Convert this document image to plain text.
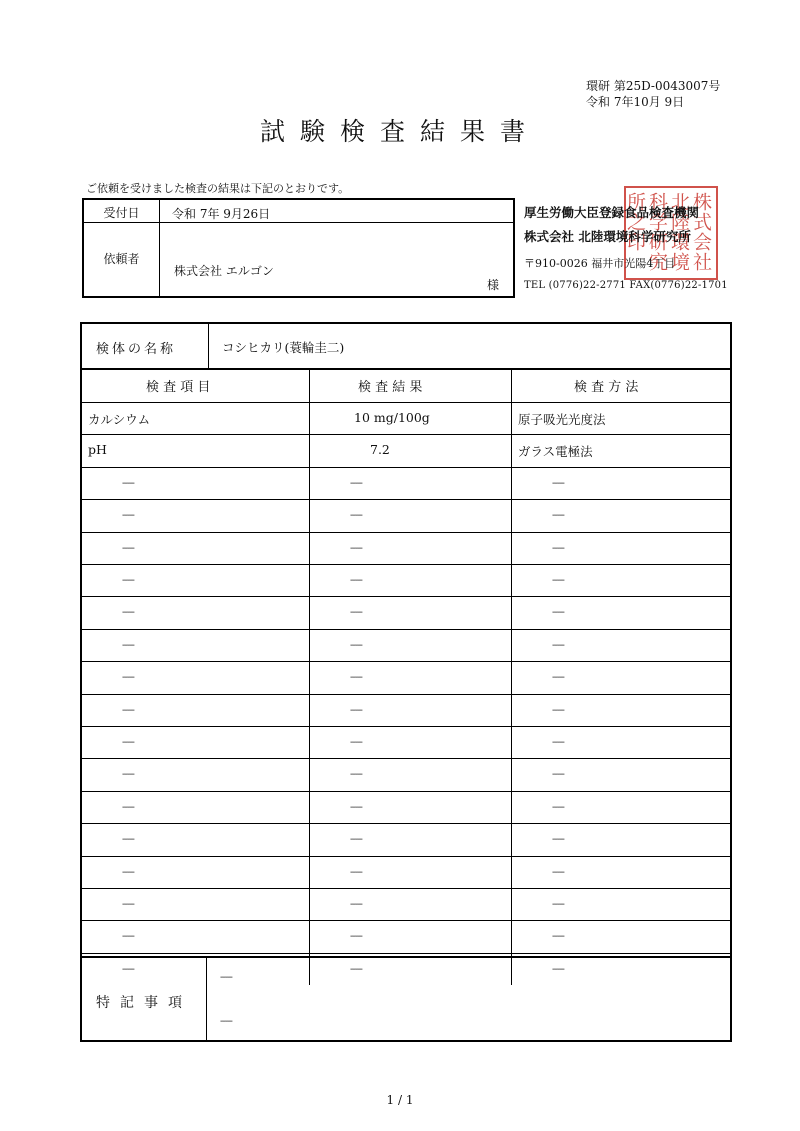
環研 第25D-0043007号
令和 7年10月 9日
試験検査結果書
ご依頼を受けました検査の結果は下記のとおりです。
受付日	令和 7年 9月26日
依頼者
株式会社 エルゴン
様
株式会社北陸環境科学研究所之印
厚生労働大臣登録食品検査機関
株式会社 北陸環境科学研究所
〒910-0026 福井市光陽4丁目
TEL (0776)22-2771 FAX(0776)22-1701
検体の名称	コシヒカリ(蓑輪圭二)
検 査 項 目	検 査 結 果	検 査 方 法
カルシウム	10 mg/100g	原子吸光光度法
pH	7.2	ガラス電極法
-----	-----	-----
-----	-----	-----
-----	-----	-----
-----	-----	-----
-----	-----	-----
-----	-----	-----
-----	-----	-----
-----	-----	-----
-----	-----	-----
-----	-----	-----
-----	-----	-----
-----	-----	-----
-----	-----	-----
-----	-----	-----
-----	-----	-----
-----	-----	-----
特記事項
-----
-----
1 / 1
